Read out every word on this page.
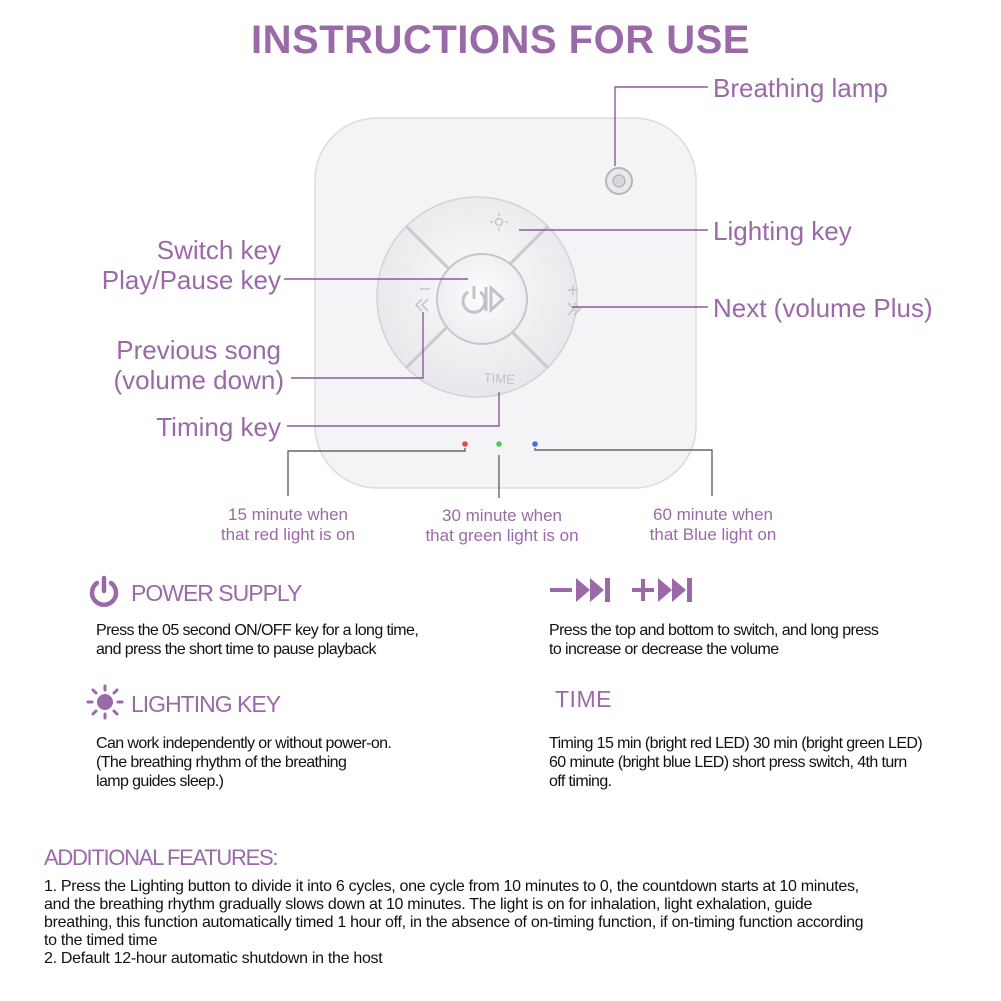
INSTRUCTIONS FOR USE
TIME
Breathing lamp
Lighting key
Switch key
Play/Pause key
Next (volume Plus)
Previous song
(volume down)
Timing key
15 minute when
that red light is on
30 minute when
that green light is on
60 minute when
that Blue light on
POWER SUPPLY
Press the 05 second ON/OFF key for a long time,
and press the short time to pause playback
Press the top and bottom to switch, and long press
to increase or decrease the volume
LIGHTING KEY
Can work independently or without power-on.
(The breathing rhythm of the breathing
lamp guides sleep.)
TIME
Timing 15 min (bright red LED) 30 min (bright green LED)
60 minute (bright blue LED) short press switch, 4th turn
off timing.
ADDITIONAL FEATURES:
1. Press the Lighting button to divide it into 6 cycles, one cycle from 10 minutes to 0, the countdown starts at 10 minutes,
and the breathing rhythm gradually slows down at 10 minutes. The light is on for inhalation, light exhalation, guide
breathing, this function automatically timed 1 hour off, in the absence of on-timing function, if on-timing function according
to the timed time
2. Default 12-hour automatic shutdown in the host
